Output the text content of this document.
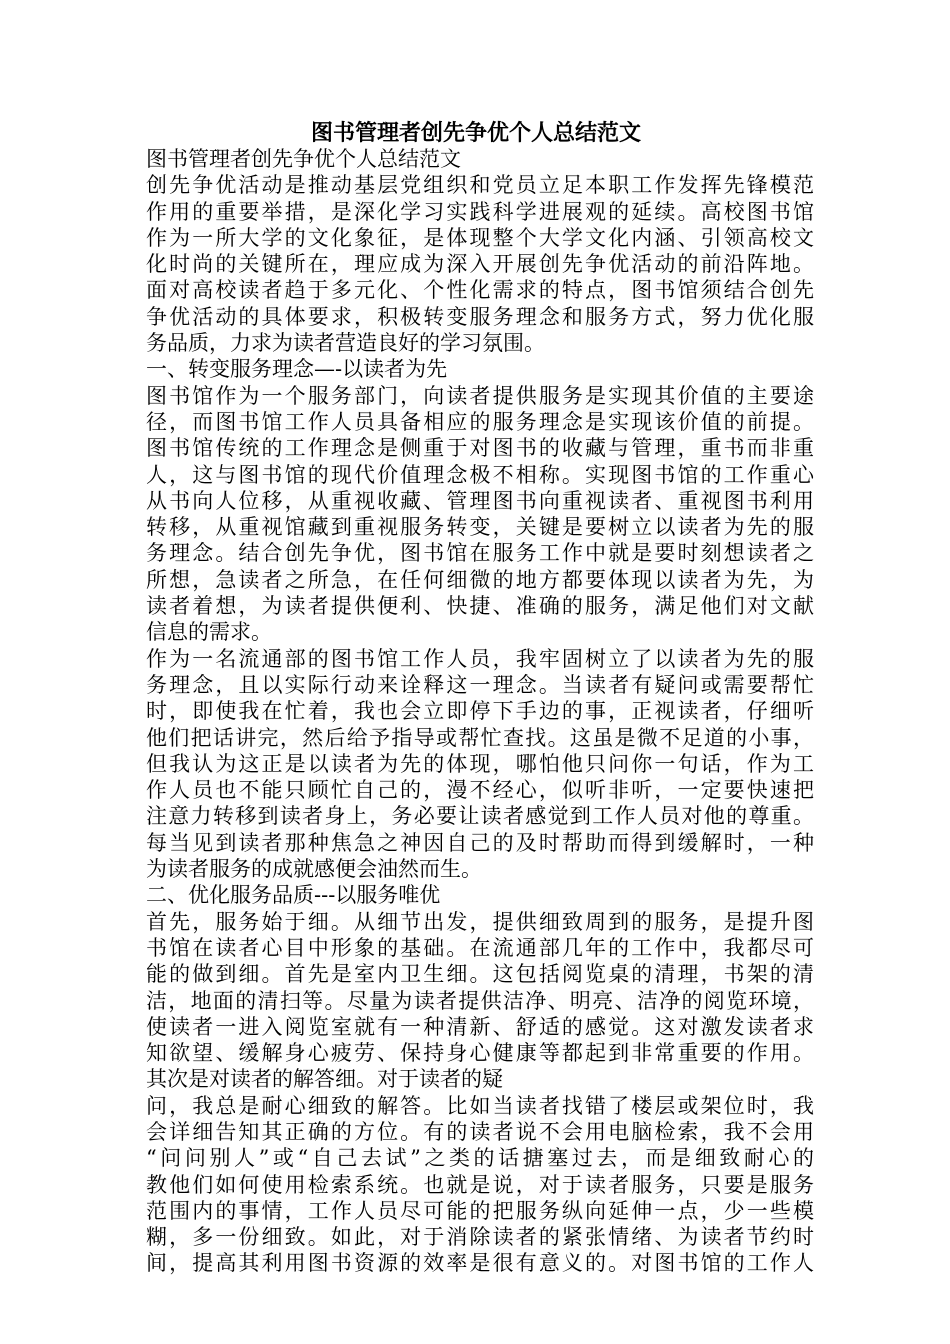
图书管理者创先争优个人总结范文
图书管理者创先争优个人总结范文
创先争优活动是推动基层党组织和党员立足本职工作发挥先锋模范
作用的重要举措，是深化学习实践科学进展观的延续。高校图书馆
作为一所大学的文化象征，是体现整个大学文化内涵、引领高校文
化时尚的关键所在，理应成为深入开展创先争优活动的前沿阵地。
面对高校读者趋于多元化、个性化需求的特点，图书馆须结合创先
争优活动的具体要求，积极转变服务理念和服务方式，努力优化服
务品质，力求为读者营造良好的学习氛围。
一、转变服务理念—-以读者为先
图书馆作为一个服务部门，向读者提供服务是实现其价值的主要途
径，而图书馆工作人员具备相应的服务理念是实现该价值的前提。
图书馆传统的工作理念是侧重于对图书的收藏与管理，重书而非重
人，这与图书馆的现代价值理念极不相称。实现图书馆的工作重心
从书向人位移，从重视收藏、管理图书向重视读者、重视图书利用
转移，从重视馆藏到重视服务转变，关键是要树立以读者为先的服
务理念。结合创先争优，图书馆在服务工作中就是要时刻想读者之
所想，急读者之所急，在任何细微的地方都要体现以读者为先，为
读者着想，为读者提供便利、快捷、准确的服务，满足他们对文献
信息的需求。
作为一名流通部的图书馆工作人员，我牢固树立了以读者为先的服
务理念，且以实际行动来诠释这一理念。当读者有疑问或需要帮忙
时，即使我在忙着，我也会立即停下手边的事，正视读者，仔细听
他们把话讲完，然后给予指导或帮忙查找。这虽是微不足道的小事，
但我认为这正是以读者为先的体现，哪怕他只问你一句话，作为工
作人员也不能只顾忙自己的，漫不经心，似听非听，一定要快速把
注意力转移到读者身上，务必要让读者感觉到工作人员对他的尊重。
每当见到读者那种焦急之神因自己的及时帮助而得到缓解时，一种
为读者服务的成就感便会油然而生。
二、优化服务品质---以服务唯优
首先，服务始于细。从细节出发，提供细致周到的服务，是提升图
书馆在读者心目中形象的基础。在流通部几年的工作中，我都尽可
能的做到细。首先是室内卫生细。这包括阅览桌的清理，书架的清
洁，地面的清扫等。尽量为读者提供洁净、明亮、洁净的阅览环境，
使读者一进入阅览室就有一种清新、舒适的感觉。这对激发读者求
知欲望、缓解身心疲劳、保持身心健康等都起到非常重要的作用。
其次是对读者的解答细。对于读者的疑
问，我总是耐心细致的解答。比如当读者找错了楼层或架位时，我
会详细告知其正确的方位。有的读者说不会用电脑检索，我不会用
“问问别人”或“自己去试”之类的话搪塞过去，而是细致耐心的
教他们如何使用检索系统。也就是说，对于读者服务，只要是服务
范围内的事情，工作人员尽可能的把服务纵向延伸一点，少一些模
糊，多一份细致。如此，对于消除读者的紧张情绪、为读者节约时
间，提高其利用图书资源的效率是很有意义的。对图书馆的工作人
